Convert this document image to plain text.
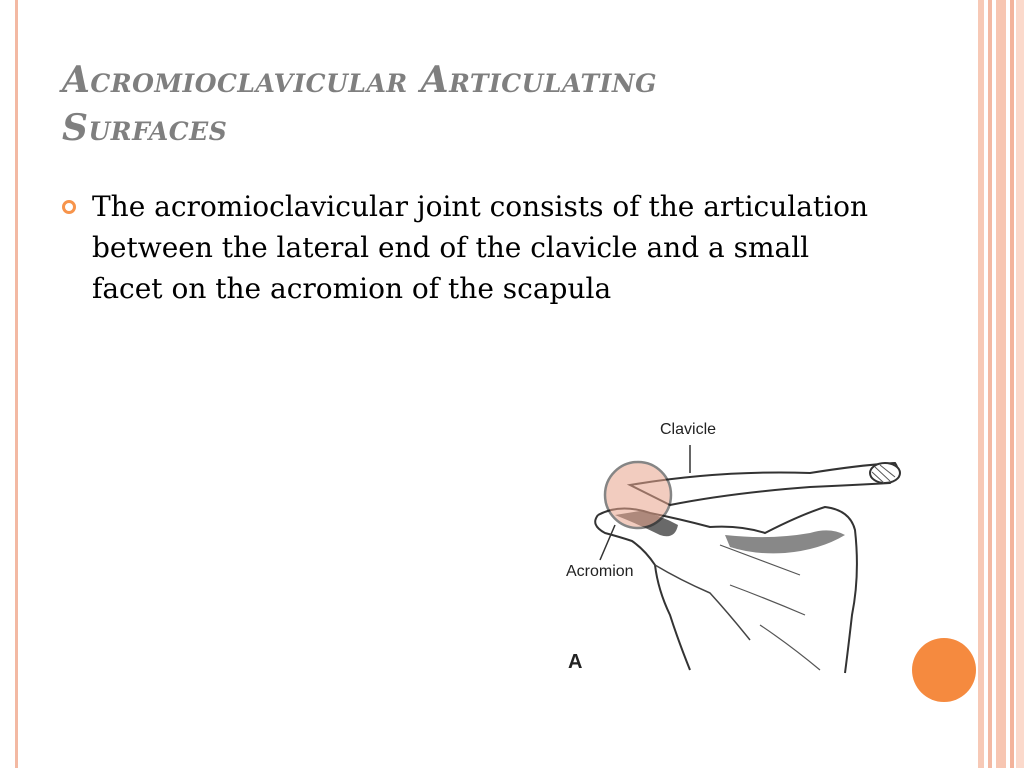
Acromioclavicular Articulating
Surfaces
The acromioclavicular joint consists of the articulation between the lateral end of the clavicle and a small facet on the acromion of the scapula
Clavicle
Acromion
A
